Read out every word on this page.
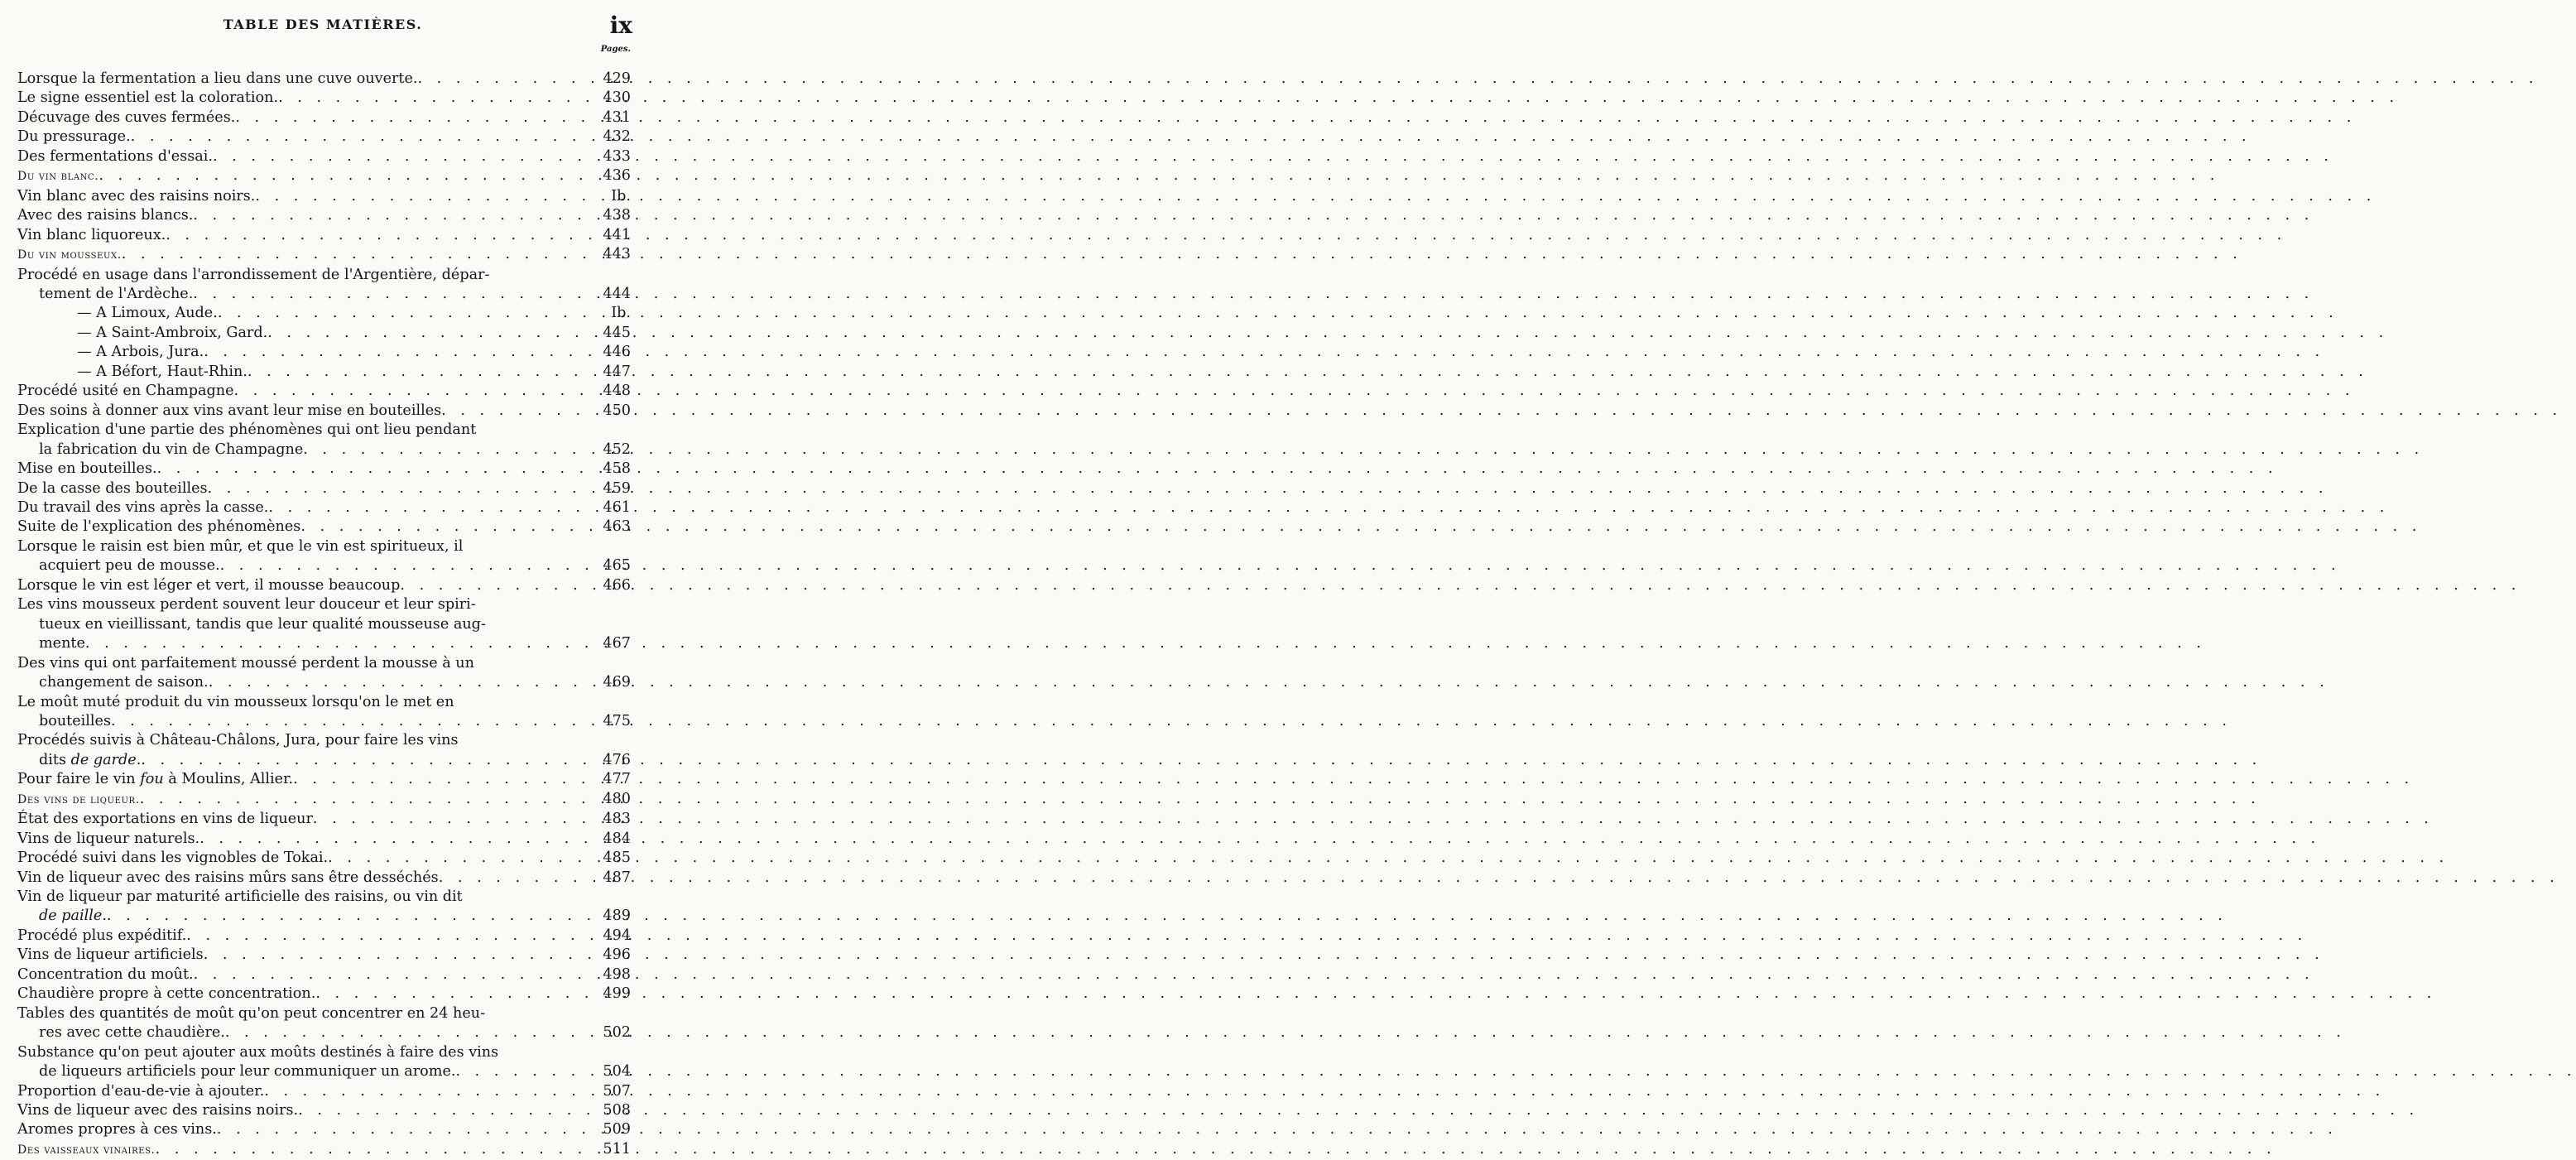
TABLE DES MATIÈRES.	ix
Pages.
Lorsque la fermentation a lieu dans une cuve ouverte. . . .	429
Le signe essentiel est la coloration. . . .	430
Décuvage des cuves fermées. . . .	431
Du pressurage. . . .	432
Des fermentations d'essai. . . .	433
Du vin blanc. . . .	436
Vin blanc avec des raisins noirs. . . .	Ib.
Avec des raisins blancs. . . .	438
Vin blanc liquoreux. . . .	441
Du vin mousseux. . . .	443
Procédé en usage dans l'arrondissement de l'Argentière, dépar-
tement de l'Ardèche. . . .	444
— A Limoux, Aude. . . .	Ib.
— A Saint-Ambroix, Gard. . . .	445
— A Arbois, Jura. . . .	446
— A Béfort, Haut-Rhin. . . .	447
Procédé usité en Champagne . . .	448
Des soins à donner aux vins avant leur mise en bouteilles . . .	450
Explication d'une partie des phénomènes qui ont lieu pendant
la fabrication du vin de Champagne . . .	452
Mise en bouteilles. . . .	458
De la casse des bouteilles . . .	459
Du travail des vins après la casse. . . .	461
Suite de l'explication des phénomènes . . .	463
Lorsque le raisin est bien mûr, et que le vin est spiritueux, il
acquiert peu de mousse. . . .	465
Lorsque le vin est léger et vert, il mousse beaucoup . . .	466
Les vins mousseux perdent souvent leur douceur et leur spiri-
tueux en vieillissant, tandis que leur qualité mousseuse aug-
mente . . .	467
Des vins qui ont parfaitement moussé perdent la mousse à un
changement de saison. . . .	469
Le moût muté produit du vin mousseux lorsqu'on le met en
bouteilles . . .	475
Procédés suivis à Château-Châlons, Jura, pour faire les vins
dits de garde. . . .	476
Pour faire le vin fou à Moulins, Allier. . . .	477
Des vins de liqueur. . . .	480
État des exportations en vins de liqueur . . .	483
Vins de liqueur naturels. . . .	484
Procédé suivi dans les vignobles de Tokai. . . .	485
Vin de liqueur avec des raisins mûrs sans être desséchés . . .	487
Vin de liqueur par maturité artificielle des raisins, ou vin dit
de paille. . . .	489
Procédé plus expéditif. . . .	494
Vins de liqueur artificiels . . .	496
Concentration du moût. . . .	498
Chaudière propre à cette concentration. . . .	499
Tables des quantités de moût qu'on peut concentrer en 24 heu-
res avec cette chaudière. . . .	502
Substance qu'on peut ajouter aux moûts destinés à faire des vins
de liqueurs artificiels pour leur communiquer un arome. . . .	504
Proportion d'eau-de-vie à ajouter. . . .	507
Vins de liqueur avec des raisins noirs. . . .	508
Aromes propres à ces vins. . . .	509
Des vaisseaux vinaires. . . .	511
